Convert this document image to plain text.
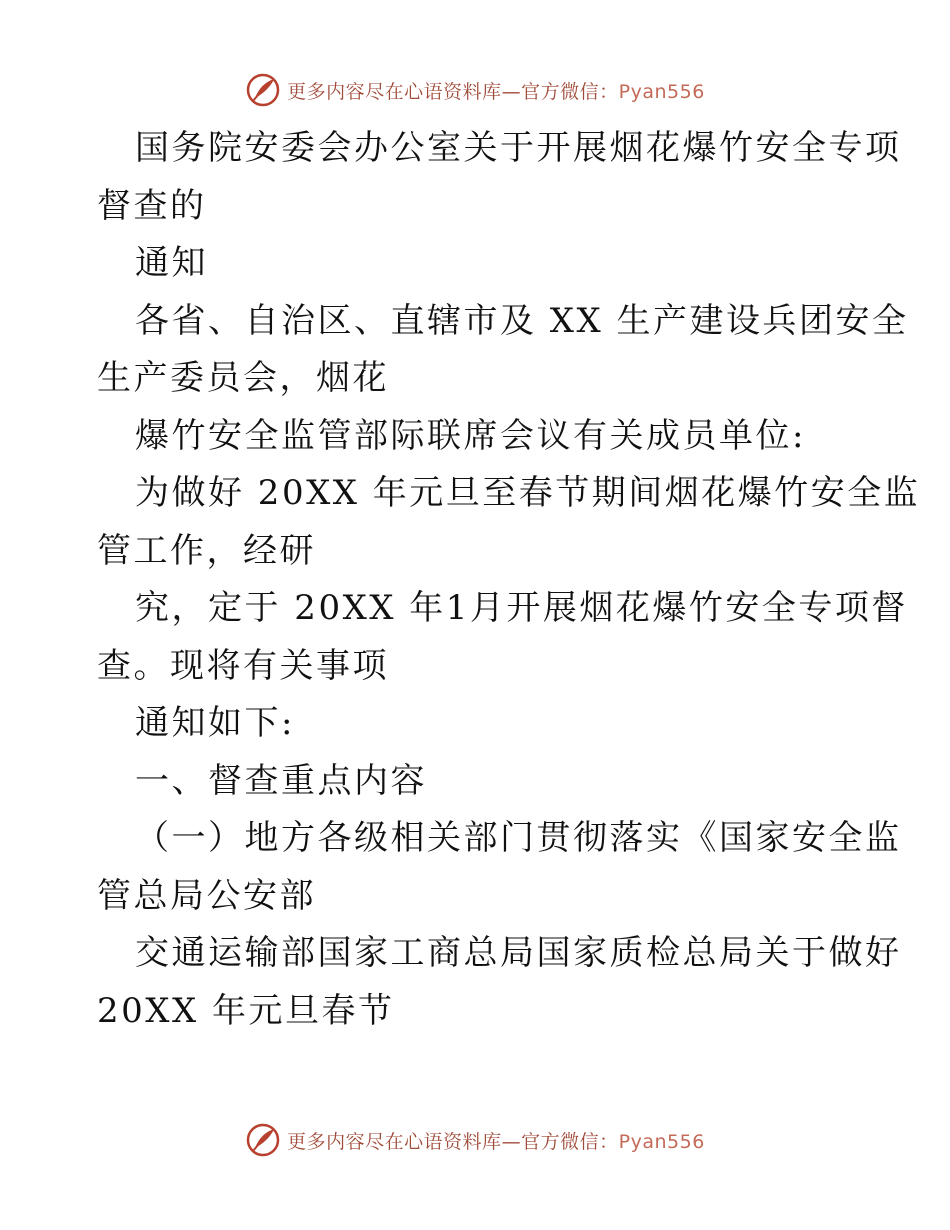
更多内容尽在心语资料库—官方微信：Pyan556

国务院安委会办公室关于开展烟花爆竹安全专项

督查的

通知

各省、自治区、直辖市及 XX 生产建设兵团安全

生产委员会，烟花

爆竹安全监管部际联席会议有关成员单位:

为做好 20XX 年元旦至春节期间烟花爆竹安全监

管工作，经研

究，定于 20XX 年1月开展烟花爆竹安全专项督

查。现将有关事项

通知如下:

一、督查重点内容

（一）地方各级相关部门贯彻落实《国家安全监

管总局公安部

交通运输部国家工商总局国家质检总局关于做好

20XX 年元旦春节

更多内容尽在心语资料库—官方微信：Pyan556
